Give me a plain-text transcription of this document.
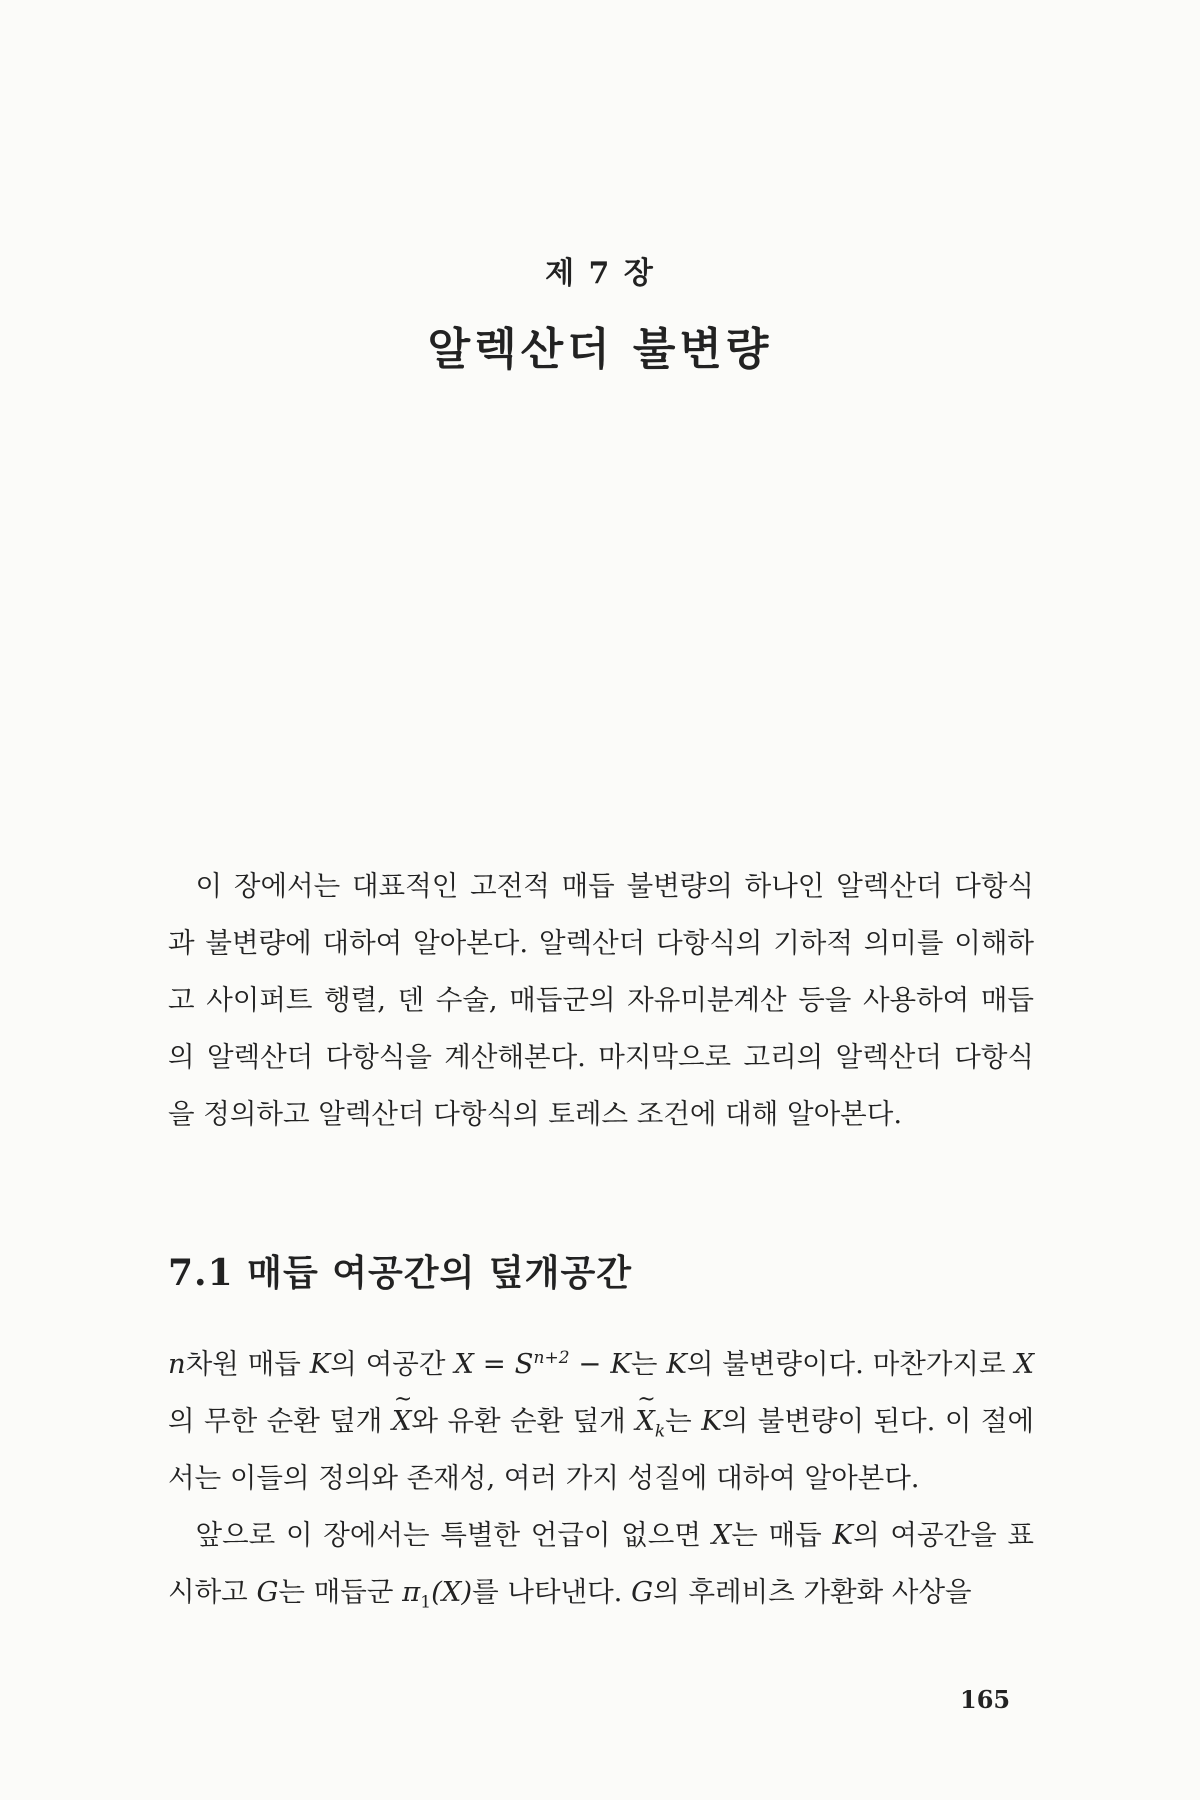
제 7 장
알렉산더 불변량

이 장에서는 대표적인 고전적 매듭 불변량의 하나인 알렉산더 다항식과 불변량에 대하여 알아본다. 알렉산더 다항식의 기하적 의미를 이해하고 사이퍼트 행렬, 덴 수술, 매듭군의 자유미분계산 등을 사용하여 매듭의 알렉산더 다항식을 계산해본다. 마지막으로 고리의 알렉산더 다항식을 정의하고 알렉산더 다항식의 토레스 조건에 대해 알아본다.

7.1 매듭 여공간의 덮개공간

n차원 매듭 K의 여공간 $X = S^{n+2} - K$는 K의 불변량이다. 마찬가지로 X의 무한 순환 덮개 ~ X와 유환 순환 덮개 ~ $X_k$는 K의 불변량이 된다. 이 절에서는 이들의 정의와 존재성, 여러 가지 성질에 대하여 알아본다.

앞으로 이 장에서는 특별한 언급이 없으면 X는 매듭 K의 여공간을 표시하고 G는 매듭군 $\pi_1(X)$를 나타낸다. G의 후레비츠 가환화 사상을

165
